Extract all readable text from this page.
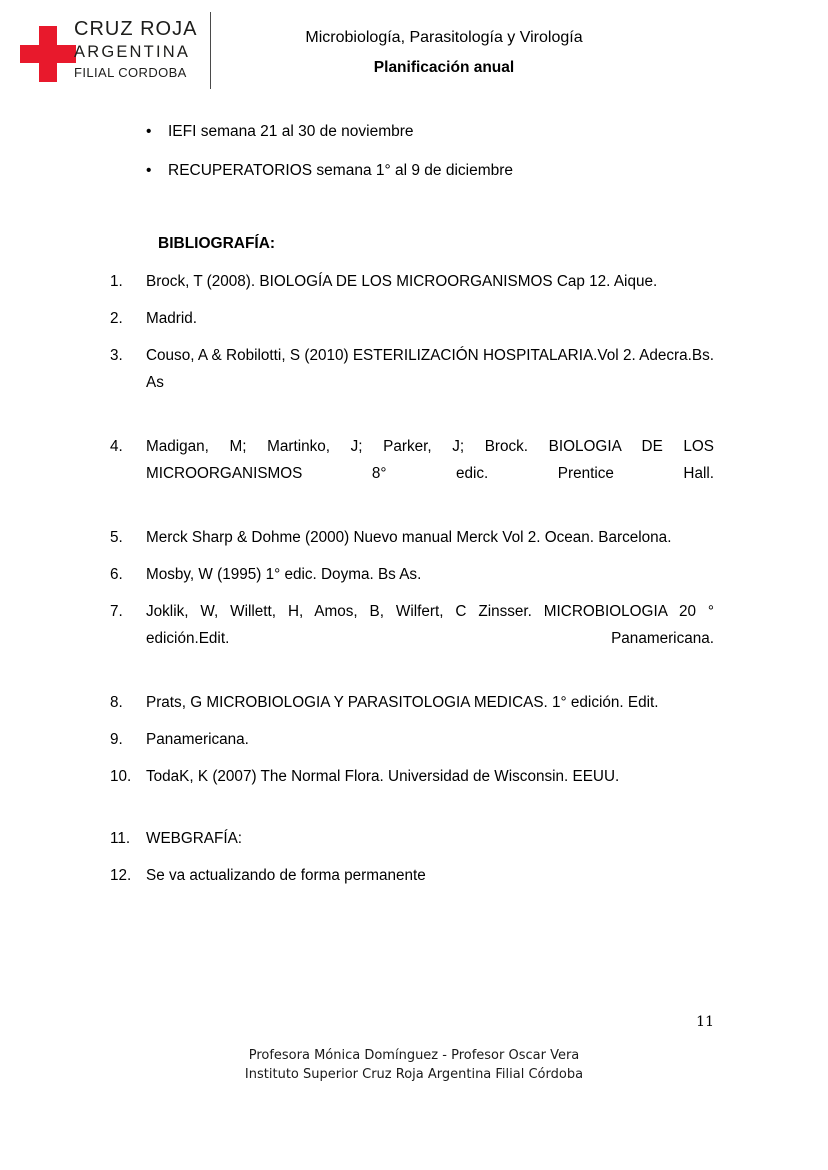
CRUZ ROJA
ARGENTINA
FILIAL CORDOBA
Microbiología, Parasitología y Virología
Planificación anual
• IEFI semana 21 al 30 de noviembre
• RECUPERATORIOS semana 1° al 9 de diciembre
BIBLIOGRAFÍA:
1.	Brock, T (2008). BIOLOGÍA DE LOS MICROORGANISMOS Cap 12. Aique.
2.	Madrid.
3.	Couso, A & Robilotti, S (2010) ESTERILIZACIÓN HOSPITALARIA.Vol 2. Adecra.Bs. As
4.	Madigan, M; Martinko, J; Parker, J; Brock. BIOLOGIA DE LOS MICROORGANISMOS 8° edic. Prentice Hall.
5.	Merck Sharp & Dohme (2000) Nuevo manual Merck Vol 2. Ocean. Barcelona.
6.	Mosby, W (1995) 1° edic. Doyma. Bs As.
7.	Joklik, W, Willett, H, Amos, B, Wilfert, C Zinsser. MICROBIOLOGIA 20 ° edición.Edit. Panamericana.
8.	Prats, G MICROBIOLOGIA Y PARASITOLOGIA MEDICAS. 1° edición. Edit.
9.	Panamericana.
10. TodaK, K (2007) The Normal Flora. Universidad de Wisconsin. EEUU.
11.	WEBGRAFÍA:
12. Se va actualizando de forma permanente
11
Profesora Mónica Domínguez - Profesor Oscar Vera
Instituto Superior Cruz Roja Argentina Filial Córdoba
